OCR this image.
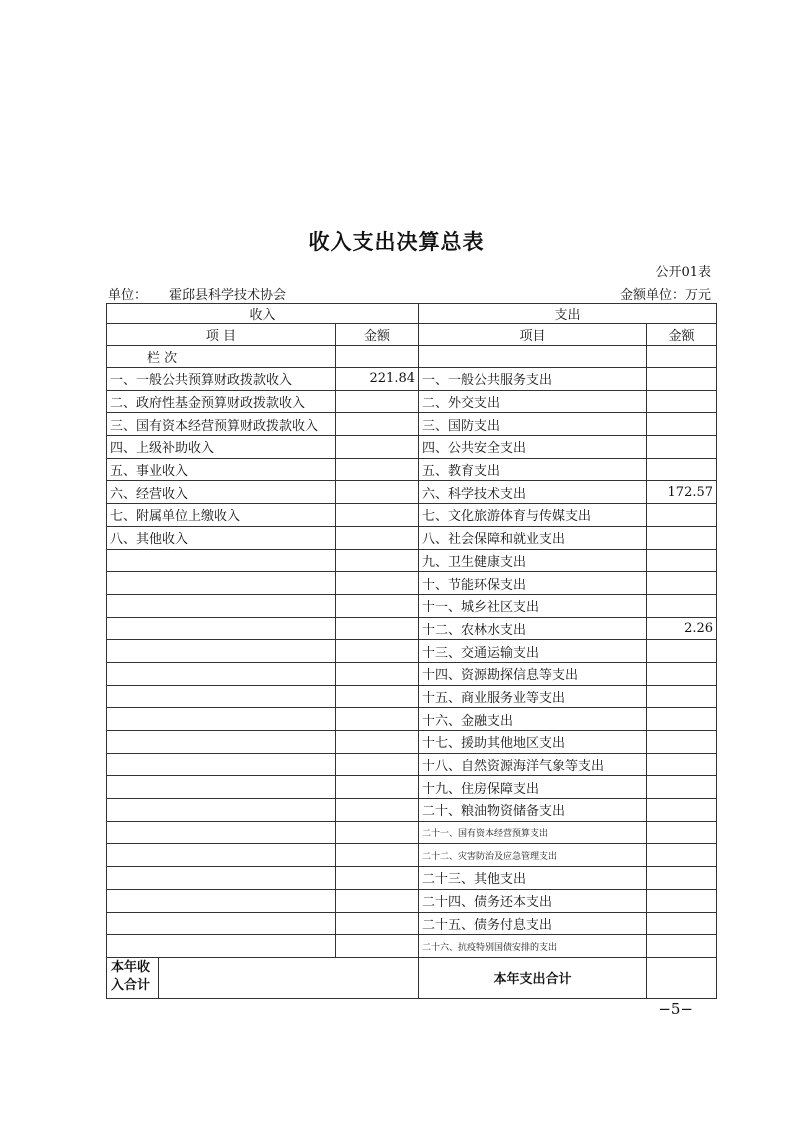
收入支出决算总表
公开01表
单位： 霍邱县科学技术协会	金额单位：万元
收入		支出	
项 目	金额	项目	金额
栏 次			
一、一般公共预算财政拨款收入	221.84	一、一般公共服务支出	
二、政府性基金预算财政拨款收入		二、外交支出	
三、国有资本经营预算财政拨款收入		三、国防支出	
四、上级补助收入		四、公共安全支出	
五、事业收入		五、教育支出	
六、经营收入		六、科学技术支出	172.57
七、附属单位上缴收入		七、文化旅游体育与传媒支出	
八、其他收入		八、社会保障和就业支出	
		九、卫生健康支出	
		十、节能环保支出	
		十一、城乡社区支出	
		十二、农林水支出	2.26
		十三、交通运输支出	
		十四、资源勘探信息等支出	
		十五、商业服务业等支出	
		十六、金融支出	
		十七、援助其他地区支出	
		十八、自然资源海洋气象等支出	
		十九、住房保障支出	
		二十、粮油物资储备支出	
		二十一、国有资本经营预算支出	
		二十二、灾害防治及应急管理支出	
		二十三、其他支出	
		二十四、债务还本支出	
		二十五、债务付息支出	
		二十六、抗疫特别国债安排的支出	

本年收入合计		本年支出合计	
−5−
